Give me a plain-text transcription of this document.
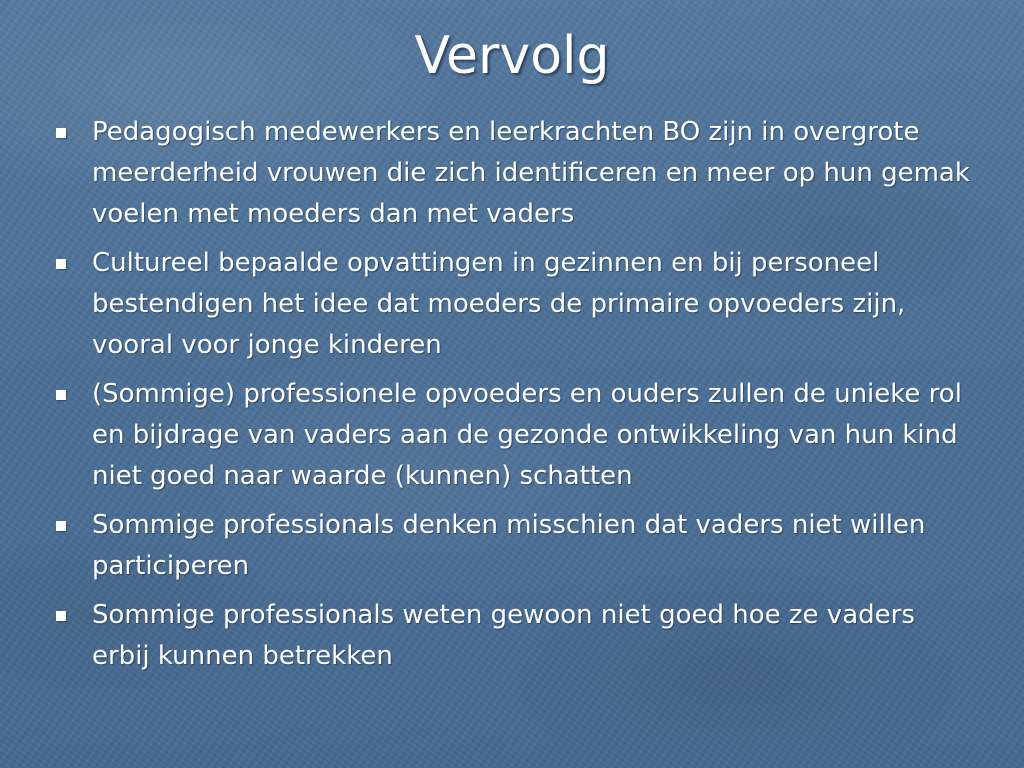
Vervolg
Pedagogisch medewerkers en leerkrachten BO zijn in overgrote meerderheid vrouwen die zich identificeren en meer op hun gemak voelen met moeders dan met vaders
Cultureel bepaalde opvattingen in gezinnen en bij personeel bestendigen het idee dat moeders de primaire opvoeders zijn, vooral voor jonge kinderen
(Sommige) professionele opvoeders en ouders zullen de unieke rol en bijdrage van vaders aan de gezonde ontwikkeling van hun kind niet goed naar waarde (kunnen) schatten
Sommige professionals denken misschien dat vaders niet willen participeren
Sommige professionals weten gewoon niet goed hoe ze vaders erbij kunnen betrekken
